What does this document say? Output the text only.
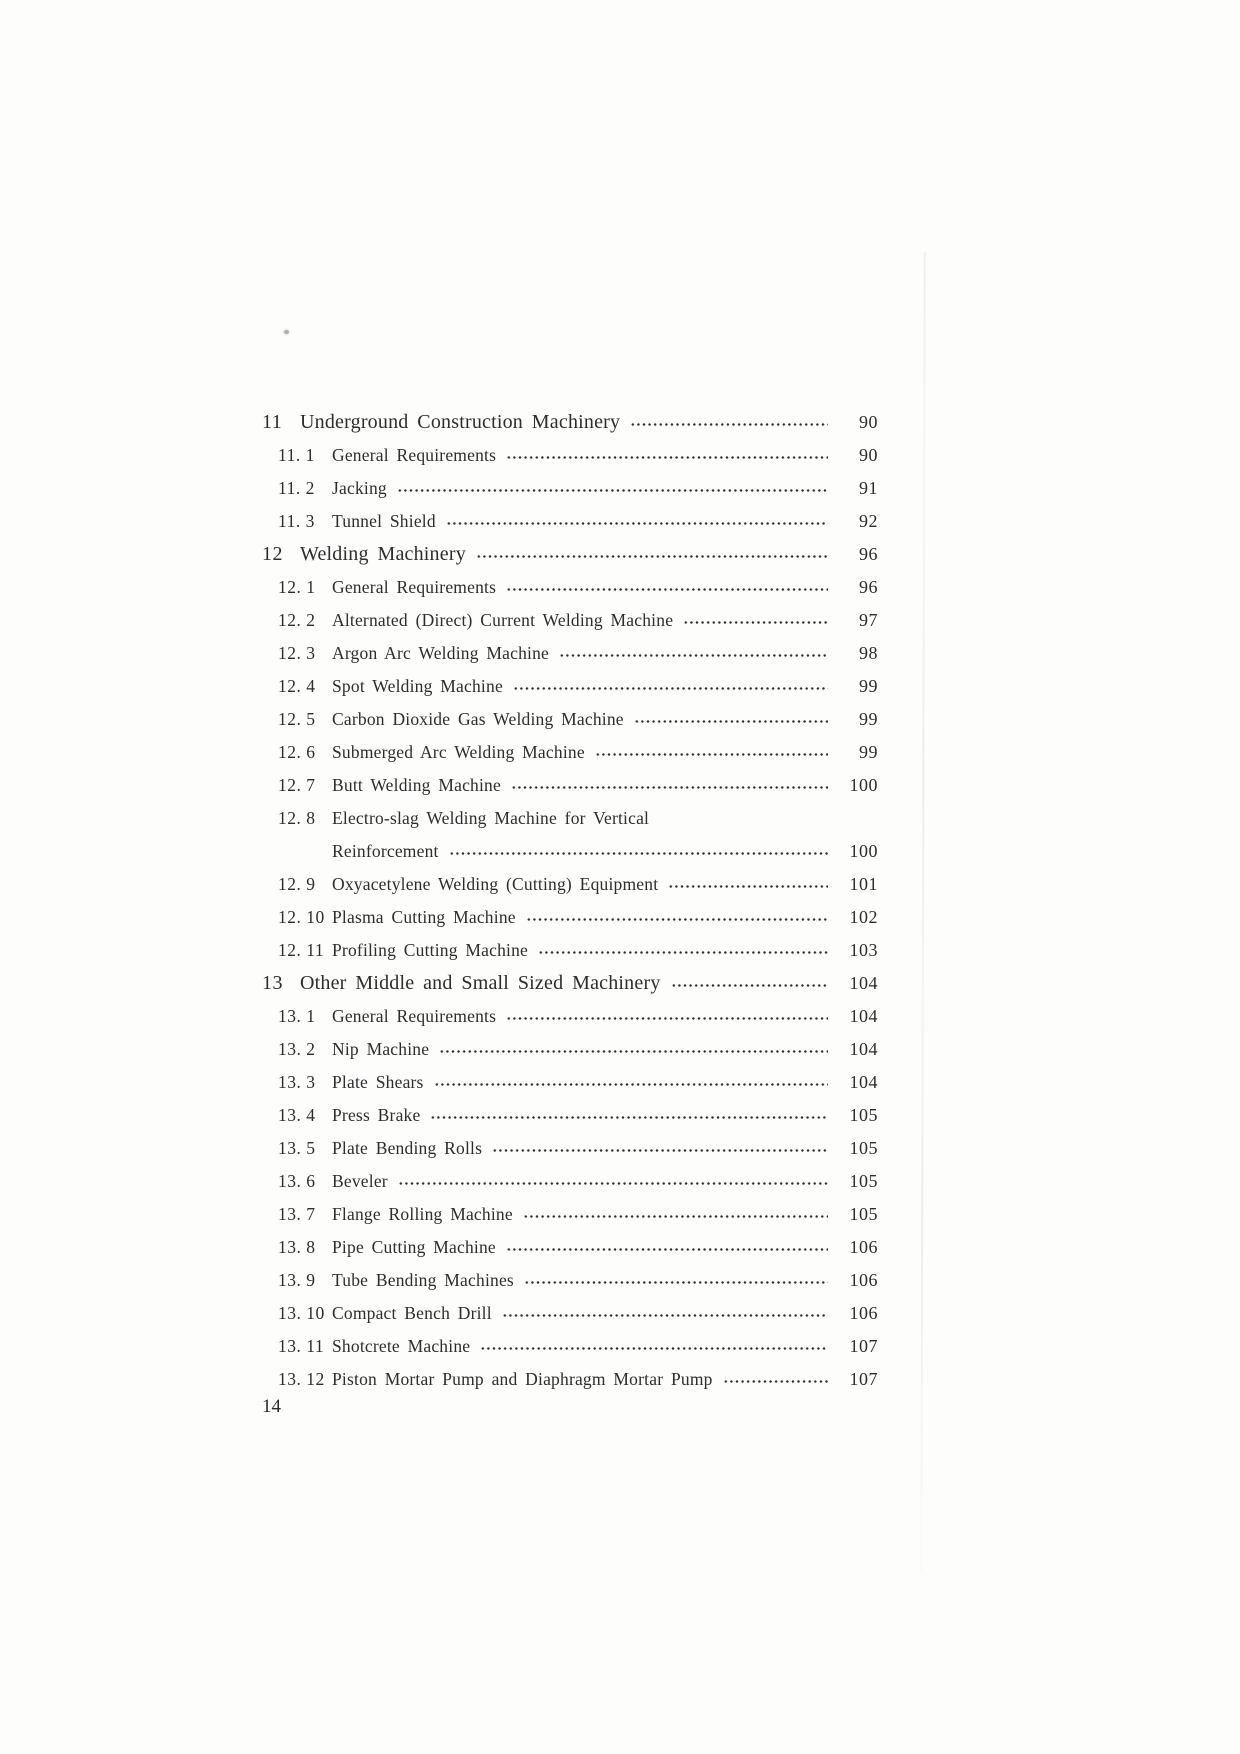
11 Underground Construction Machinery	90
11. 1 General Requirements	90
11. 2 Jacking	91
11. 3 Tunnel Shield	92
12 Welding Machinery	96
12. 1 General Requirements	96
12. 2 Alternated (Direct) Current Welding Machine	97
12. 3 Argon Arc Welding Machine	98
12. 4 Spot Welding Machine	99
12. 5 Carbon Dioxide Gas Welding Machine	99
12. 6 Submerged Arc Welding Machine	99
12. 7 Butt Welding Machine	100
12. 8 Electro-slag Welding Machine for Vertical
Reinforcement	100
12. 9 Oxyacetylene Welding (Cutting) Equipment	101
12. 10 Plasma Cutting Machine	102
12. 11 Profiling Cutting Machine	103
13 Other Middle and Small Sized Machinery	104
13. 1 General Requirements	104
13. 2 Nip Machine	104
13. 3 Plate Shears	104
13. 4 Press Brake	105
13. 5 Plate Bending Rolls	105
13. 6 Beveler	105
13. 7 Flange Rolling Machine	105
13. 8 Pipe Cutting Machine	106
13. 9 Tube Bending Machines	106
13. 10 Compact Bench Drill	106
13. 11 Shotcrete Machine	107
13. 12 Piston Mortar Pump and Diaphragm Mortar Pump	107
14
